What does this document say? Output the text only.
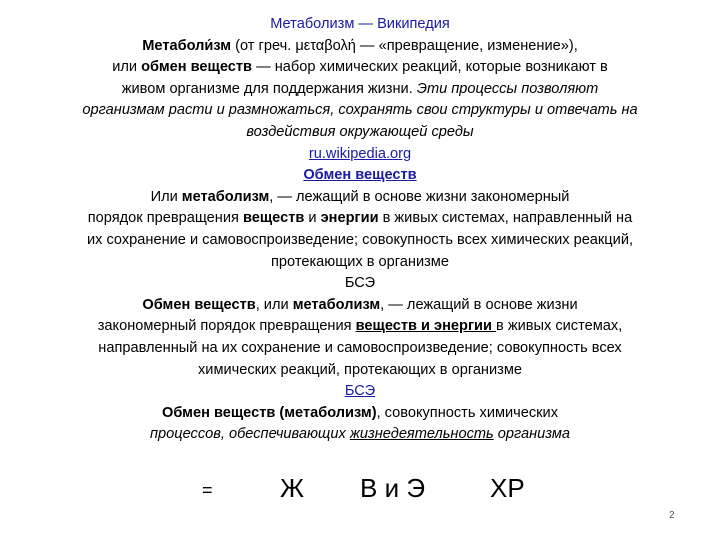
Метаболизм — Википедия

Метаболи́зм (от греч. μεταβολή — «превращение, изменение»),

или обмен веществ — набор химических реакций, которые возникают в

живом организме для поддержания жизни. Эти процессы позволяют

организмам расти и размножаться, сохранять свои структуры и отвечать на

воздействия окружающей среды

ru.wikipedia.org

Обмен веществ

Или метаболизм, — лежащий в основе жизни закономерный

порядок превращения веществ и энергии в живых системах, направленный на

их сохранение и самовоспроизведение; совокупность всех химических реакций,

протекающих в организме

БСЭ

Обмен веществ, или метаболизм, — лежащий в основе жизни

закономерный порядок превращения веществ и энергии в живых системах,

направленный на их сохранение и самовоспроизведение; совокупность всех

химических реакций, протекающих в организме

БСЭ

Обмен веществ (метаболизм), совокупность химических

процессов, обеспечивающих жизнедеятельность организма

=	Ж В и Э	ХР
2
